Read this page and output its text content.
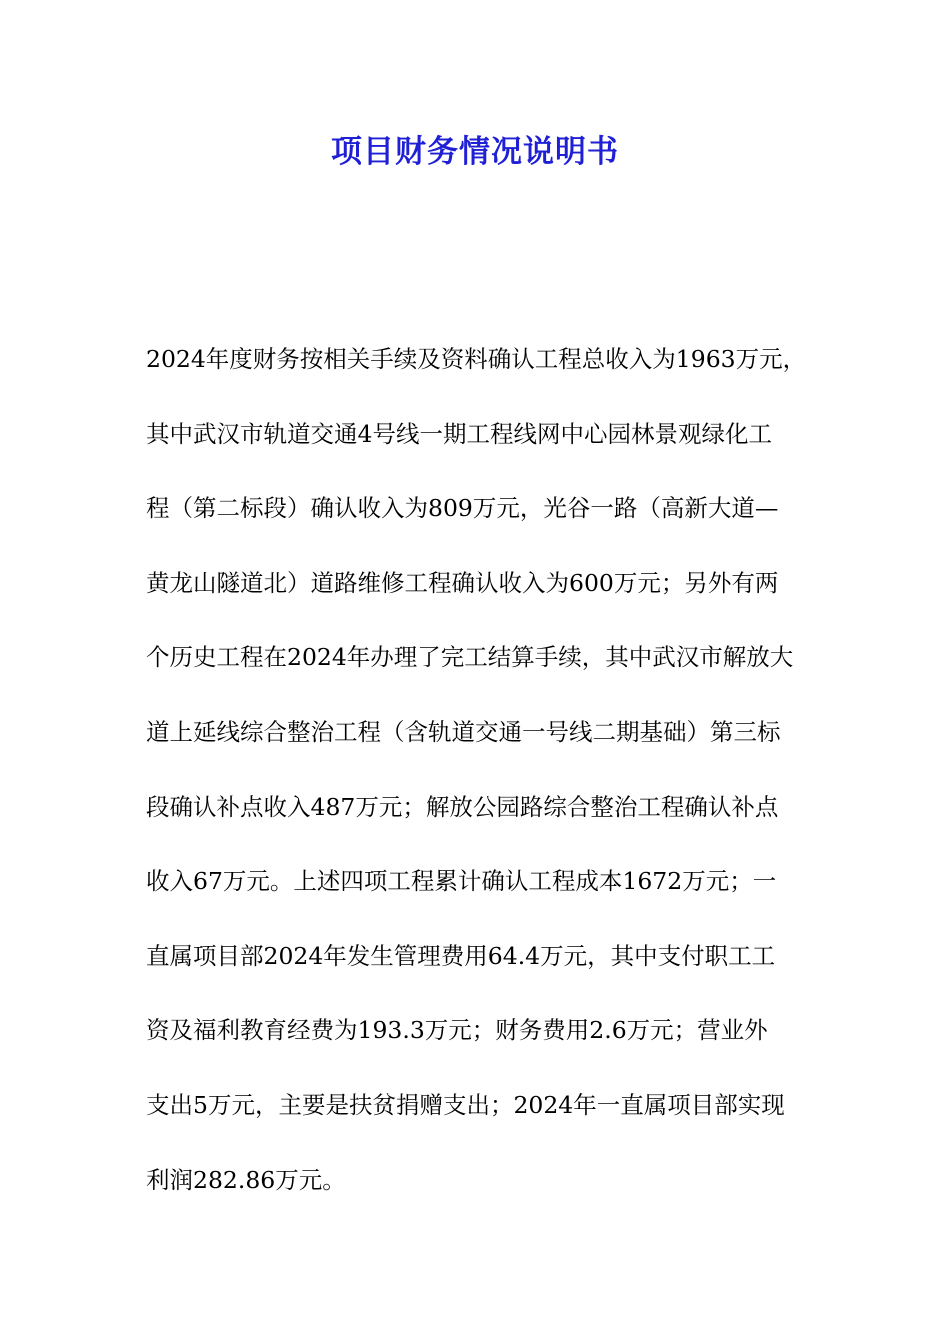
项目财务情况说明书
2024年度财务按相关手续及资料确认工程总收入为1963万元，
其中武汉市轨道交通4号线一期工程线网中心园林景观绿化工
程（第二标段）确认收入为809万元，光谷一路（高新大道—
黄龙山隧道北）道路维修工程确认收入为600万元；另外有两
个历史工程在2024年办理了完工结算手续，其中武汉市解放大
道上延线综合整治工程（含轨道交通一号线二期基础）第三标
段确认补点收入487万元；解放公园路综合整治工程确认补点
收入67万元。上述四项工程累计确认工程成本1672万元；一
直属项目部2024年发生管理费用64.4万元，其中支付职工工
资及福利教育经费为193.3万元；财务费用2.6万元；营业外
支出5万元，主要是扶贫捐赠支出；2024年一直属项目部实现
利润282.86万元。
